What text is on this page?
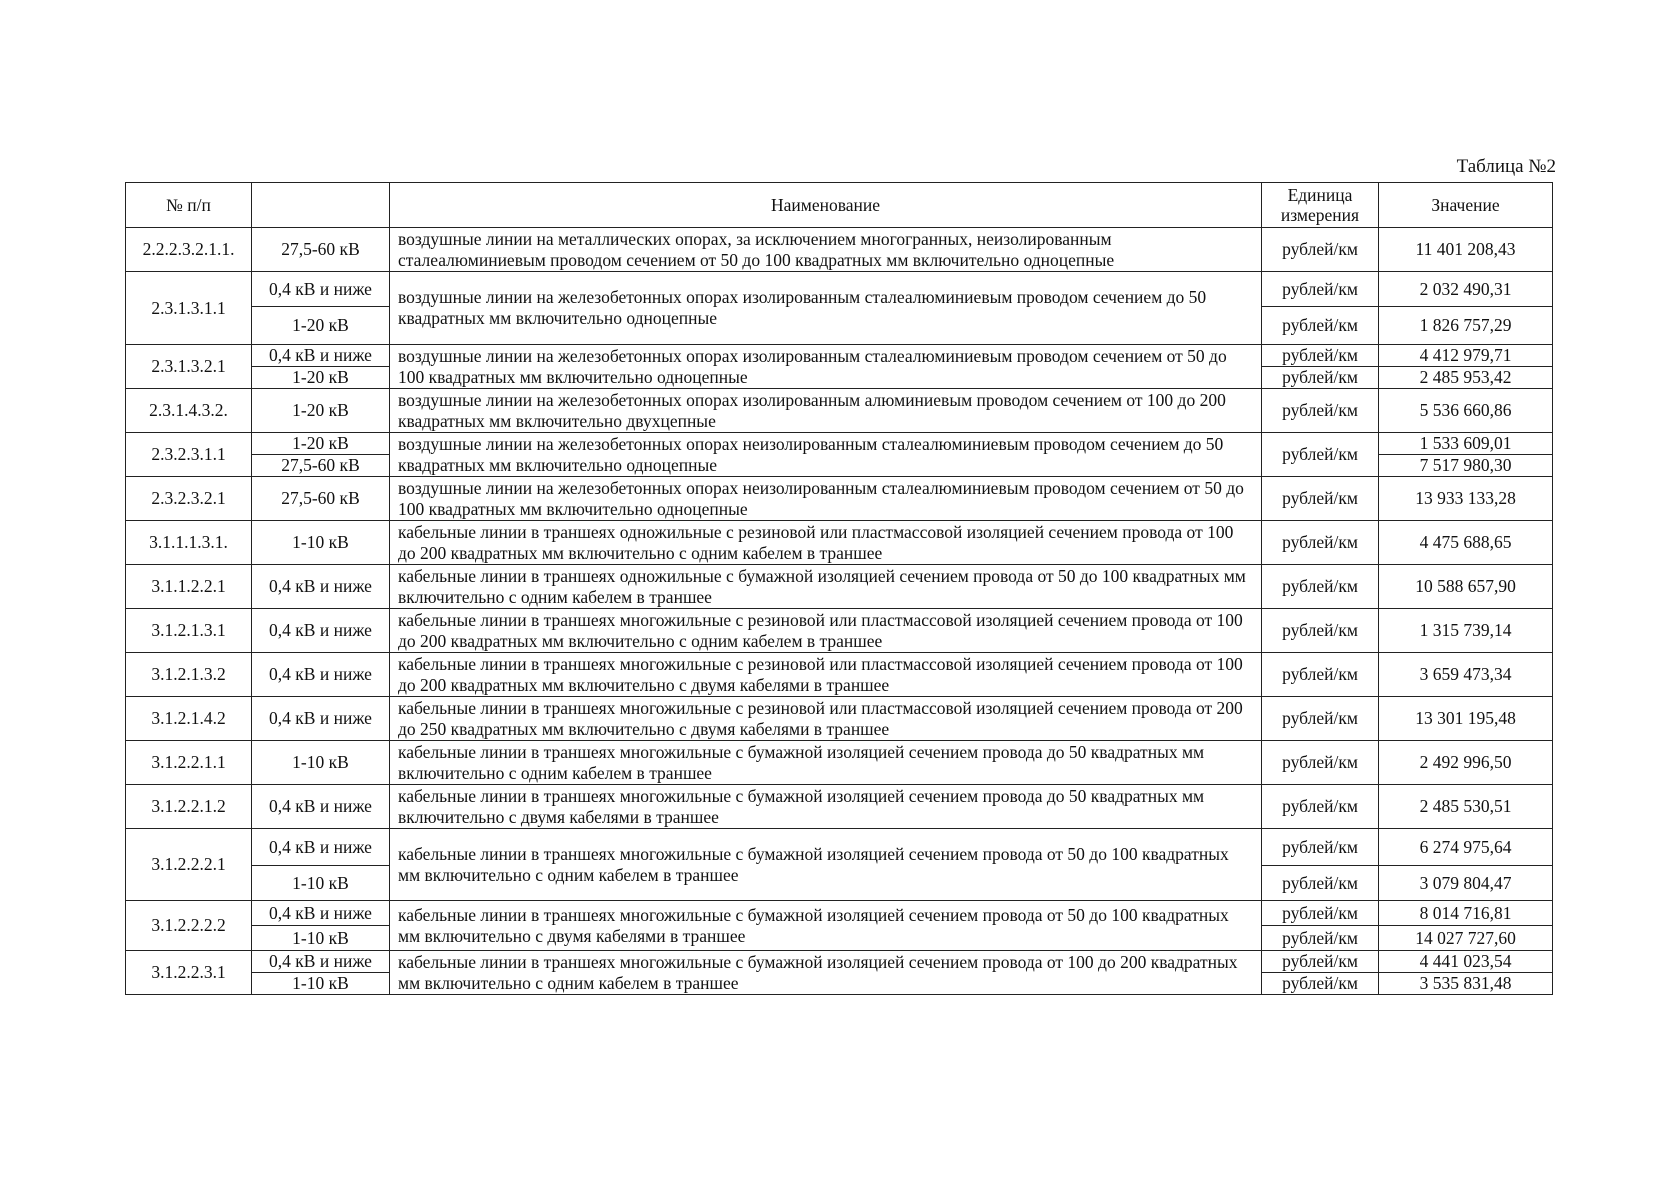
Таблица №2
№ п/п		Наименование	Единица измерения	Значение
2.2.2.3.2.1.1.	27,5-60 кВ	воздушные линии на металлических опорах, за исключением многогранных, неизолированным сталеалюминиевым проводом сечением от 50 до 100 квадратных мм включительно одноцепные	рублей/км	11 401 208,43
2.3.1.3.1.1	0,4 кВ и ниже	воздушные линии на железобетонных опорах изолированным сталеалюминиевым проводом сечением до 50 квадратных мм включительно одноцепные	рублей/км	2 032 490,31
	1-20 кВ		рублей/км	1 826 757,29
2.3.1.3.2.1	0,4 кВ и ниже	воздушные линии на железобетонных опорах изолированным сталеалюминиевым проводом сечением от 50 до 100 квадратных мм включительно одноцепные	рублей/км	4 412 979,71
	1-20 кВ		рублей/км	2 485 953,42
2.3.1.4.3.2.	1-20 кВ	воздушные линии на железобетонных опорах изолированным алюминиевым проводом сечением от 100 до 200 квадратных мм включительно двухцепные	рублей/км	5 536 660,86
2.3.2.3.1.1	1-20 кВ	воздушные линии на железобетонных опорах неизолированным сталеалюминиевым проводом сечением до 50 квадратных мм включительно одноцепные	рублей/км	1 533 609,01
	27,5-60 кВ			7 517 980,30
2.3.2.3.2.1	27,5-60 кВ	воздушные линии на железобетонных опорах неизолированным сталеалюминиевым проводом сечением от 50 до 100 квадратных мм включительно одноцепные	рублей/км	13 933 133,28
3.1.1.1.3.1.	1-10 кВ	кабельные линии в траншеях одножильные с резиновой или пластмассовой изоляцией сечением провода от 100 до 200 квадратных мм включительно с одним кабелем в траншее	рублей/км	4 475 688,65
3.1.1.2.2.1	0,4 кВ и ниже	кабельные линии в траншеях одножильные с бумажной изоляцией сечением провода от 50 до 100 квадратных мм включительно с одним кабелем в траншее	рублей/км	10 588 657,90
3.1.2.1.3.1	0,4 кВ и ниже	кабельные линии в траншеях многожильные с резиновой или пластмассовой изоляцией сечением провода от 100 до 200 квадратных мм включительно с одним кабелем в траншее	рублей/км	1 315 739,14
3.1.2.1.3.2	0,4 кВ и ниже	кабельные линии в траншеях многожильные с резиновой или пластмассовой изоляцией сечением провода от 100 до 200 квадратных мм включительно с двумя кабелями в траншее	рублей/км	3 659 473,34
3.1.2.1.4.2	0,4 кВ и ниже	кабельные линии в траншеях многожильные с резиновой или пластмассовой изоляцией сечением провода от 200 до 250 квадратных мм включительно с двумя кабелями в траншее	рублей/км	13 301 195,48
3.1.2.2.1.1	1-10 кВ	кабельные линии в траншеях многожильные с бумажной изоляцией сечением провода до 50 квадратных мм включительно с одним кабелем в траншее	рублей/км	2 492 996,50
3.1.2.2.1.2	0,4 кВ и ниже	кабельные линии в траншеях многожильные с бумажной изоляцией сечением провода до 50 квадратных мм включительно с двумя кабелями в траншее	рублей/км	2 485 530,51
3.1.2.2.2.1	0,4 кВ и ниже	кабельные линии в траншеях многожильные с бумажной изоляцией сечением провода от 50 до 100 квадратных мм включительно с одним кабелем в траншее	рублей/км	6 274 975,64
	1-10 кВ		рублей/км	3 079 804,47
3.1.2.2.2.2	0,4 кВ и ниже	кабельные линии в траншеях многожильные с бумажной изоляцией сечением провода от 50 до 100 квадратных мм включительно с двумя кабелями в траншее	рублей/км	8 014 716,81
	1-10 кВ		рублей/км	14 027 727,60
3.1.2.2.3.1	0,4 кВ и ниже	кабельные линии в траншеях многожильные с бумажной изоляцией сечением провода от 100 до 200 квадратных мм включительно с одним кабелем в траншее	рублей/км	4 441 023,54
	1-10 кВ		рублей/км	3 535 831,48
